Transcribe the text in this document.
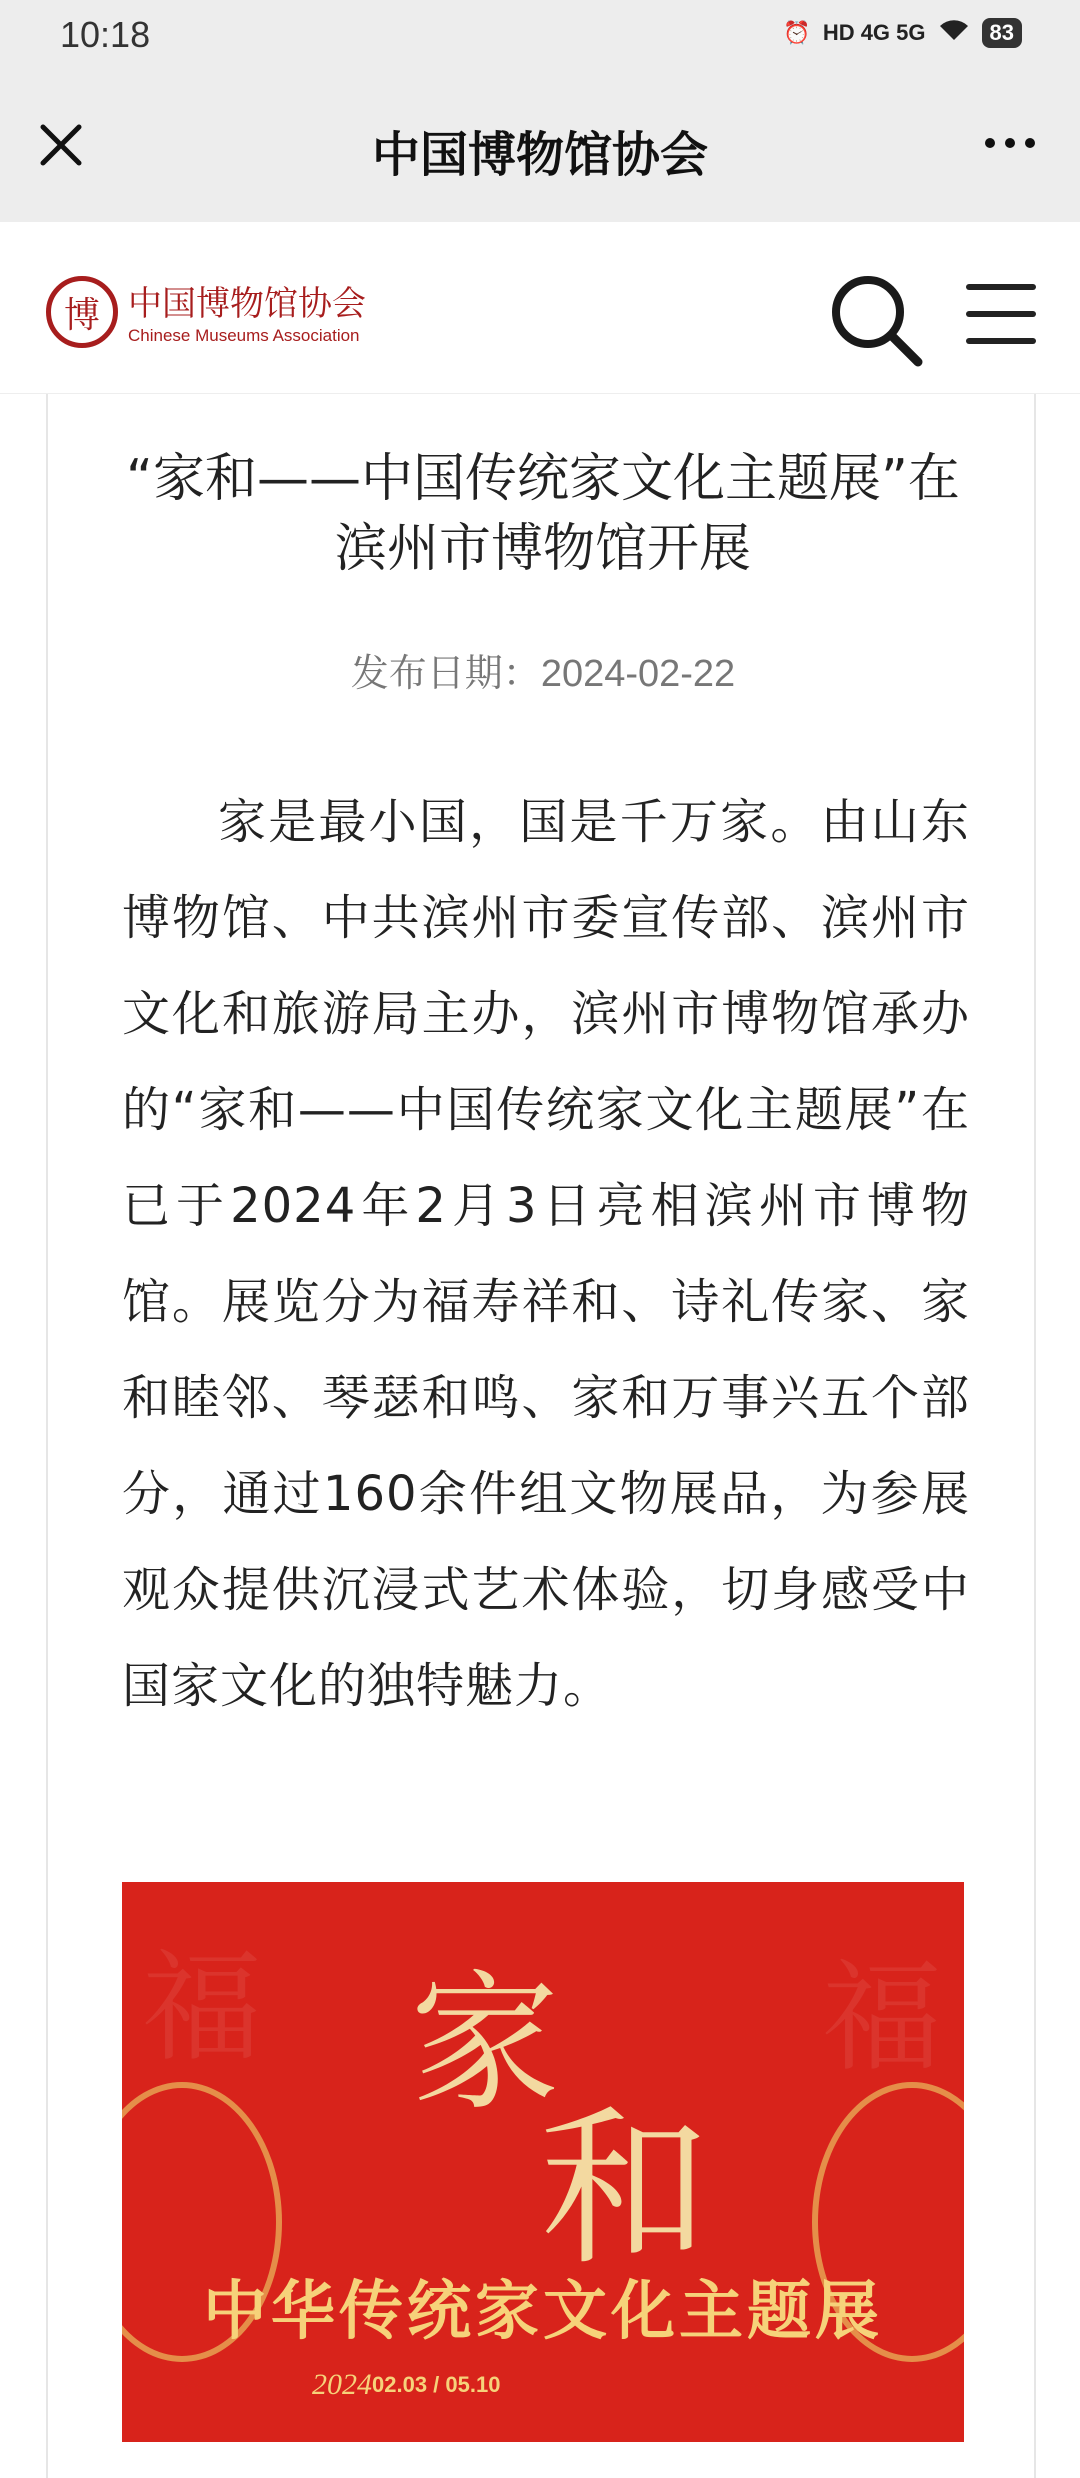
10:18	⏰ HD 4G 5G	83
中国博物馆协会
博 中国博物馆协会
Chinese Museums Association
“家和——中国传统家文化主题展”在滨州市博物馆开展
发布日期：2024-02-22
家是最小国，国是千万家。由山东博物馆、中共滨州市委宣传部、滨州市文化和旅游局主办，滨州市博物馆承办的“家和——中国传统家文化主题展”在已于2024年2月3日亮相滨州市博物馆。展览分为福寿祥和、诗礼传家、家和睦邻、琴瑟和鸣、家和万事兴五个部分，通过160余件组文物展品，为参展观众提供沉浸式艺术体验，切身感受中国家文化的独特魅力。
福	福
家
和
中华传统家文化主题展
2024 02.03 / 05.10
